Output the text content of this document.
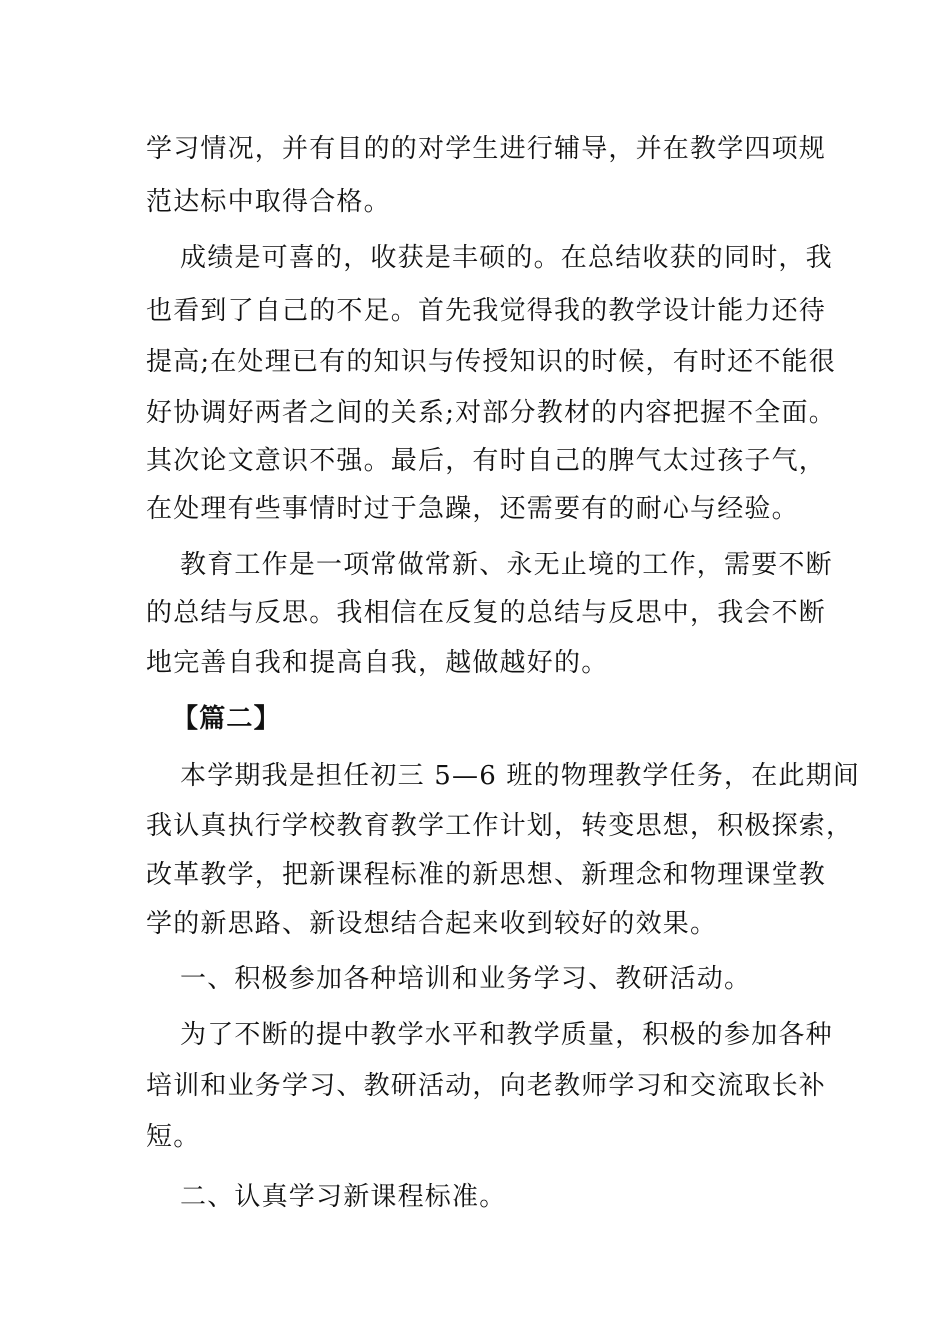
学习情况，并有目的的对学生进行辅导，并在教学四项规
范达标中取得合格。
成绩是可喜的，收获是丰硕的。在总结收获的同时，我
也看到了自己的不足。首先我觉得我的教学设计能力还待
提高;在处理已有的知识与传授知识的时候，有时还不能很
好协调好两者之间的关系;对部分教材的内容把握不全面。
其次论文意识不强。最后，有时自己的脾气太过孩子气，
在处理有些事情时过于急躁，还需要有的耐心与经验。
教育工作是一项常做常新、永无止境的工作，需要不断
的总结与反思。我相信在反复的总结与反思中，我会不断
地完善自我和提高自我，越做越好的。
【篇二】
本学期我是担任初三 5—6 班的物理教学任务，在此期间
我认真执行学校教育教学工作计划，转变思想，积极探索，
改革教学，把新课程标准的新思想、新理念和物理课堂教
学的新思路、新设想结合起来收到较好的效果。
一、积极参加各种培训和业务学习、教研活动。
为了不断的提中教学水平和教学质量，积极的参加各种
培训和业务学习、教研活动，向老教师学习和交流取长补
短。
二、认真学习新课程标准。
